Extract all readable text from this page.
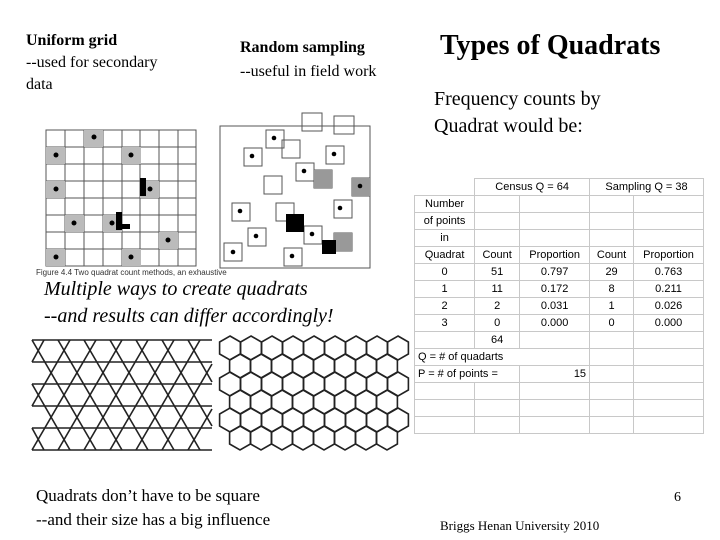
Uniform grid
--used for secondary
data
Random sampling
--useful in field work
Types of Quadrats
Frequency counts by
Quadrat would be:
Figure 4.4 Two quadrat count methods, an exhaustive
	Census Q = 64		Sampling Q = 38	
Number				
of points				
in				
Quadrat	Count	Proportion	Count	Proportion
0	51	0.797	29	0.763
1	11	0.172	8	0.211
2	2	0.031	1	0.026
3	0	0.000	0	0.000
	64			
Q = # of quadarts				
P = # of points =		15		

Multiple ways to create quadrats
--and results can differ accordingly!
Quadrats don’t have to be square
--and their size has a big influence
6
Briggs Henan University 2010
